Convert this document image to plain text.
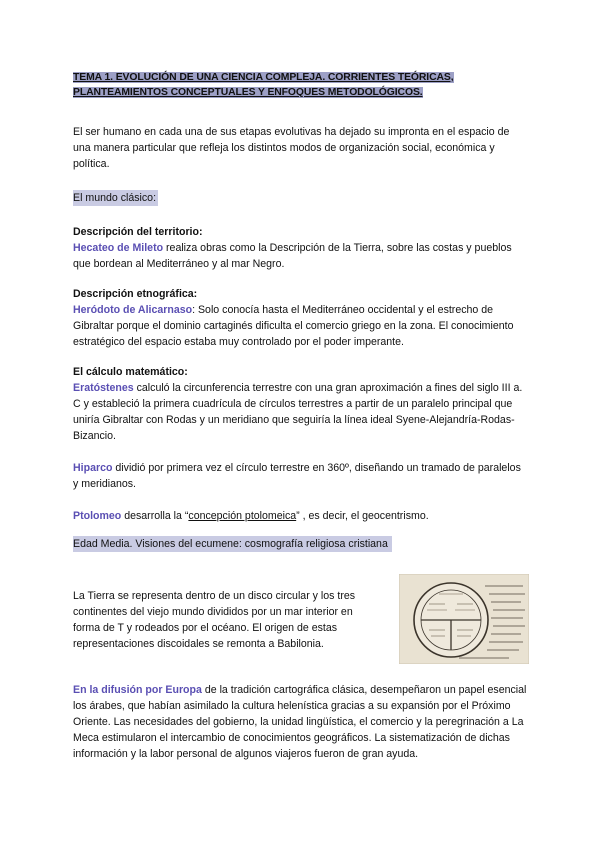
TEMA 1. EVOLUCIÓN DE UNA CIENCIA COMPLEJA. CORRIENTES TEÓRICAS,
PLANTEAMIENTOS CONCEPTUALES Y ENFOQUES METODOLÓGICOS.

El ser humano en cada una de sus etapas evolutivas ha dejado su impronta en el espacio de una manera particular que refleja los distintos modos de organización social, económica y política.

El mundo clásico:
Descripción del territorio:

Hecateo de Mileto realiza obras como la Descripción de la Tierra, sobre las costas y pueblos que bordean al Mediterráneo y al mar Negro.

Descripción etnográfica:

Heródoto de Alicarnaso: Solo conocía hasta el Mediterráneo occidental y el estrecho de Gibraltar porque el dominio cartaginés dificulta el comercio griego en la zona. El conocimiento estratégico del espacio estaba muy controlado por el poder imperante.

El cálculo matemático:

Eratóstenes calculó la circunferencia terrestre con una gran aproximación a fines del siglo III a. C y estableció la primera cuadrícula de círculos terrestres a partir de un paralelo principal que uniría Gibraltar con Rodas y un meridiano que seguiría la línea ideal Syene-Alejandría-Rodas-Bizancio.

Hiparco dividió por primera vez el círculo terrestre en 360º, diseñando un tramado de paralelos y meridianos.

Ptolomeo desarrolla la “concepción ptolomeica” , es decir, el geocentrismo.

Edad Media. Visiones del ecumene: cosmografía religiosa cristiana

La Tierra se representa dentro de un disco circular y los tres continentes del viejo mundo divididos por un mar interior en forma de T y rodeados por el océano. El origen de estas representaciones discoidales se remonta a Babilonia.

En la difusión por Europa de la tradición cartográfica clásica, desempeñaron un papel esencial los árabes, que habían asimilado la cultura helenística gracias a su expansión por el Próximo Oriente. Las necesidades del gobierno, la unidad lingüística, el comercio y la peregrinación a La Meca estimularon el intercambio de conocimientos geográficos. La sistematización de dichas información y la labor personal de algunos viajeros fueron de gran ayuda.
